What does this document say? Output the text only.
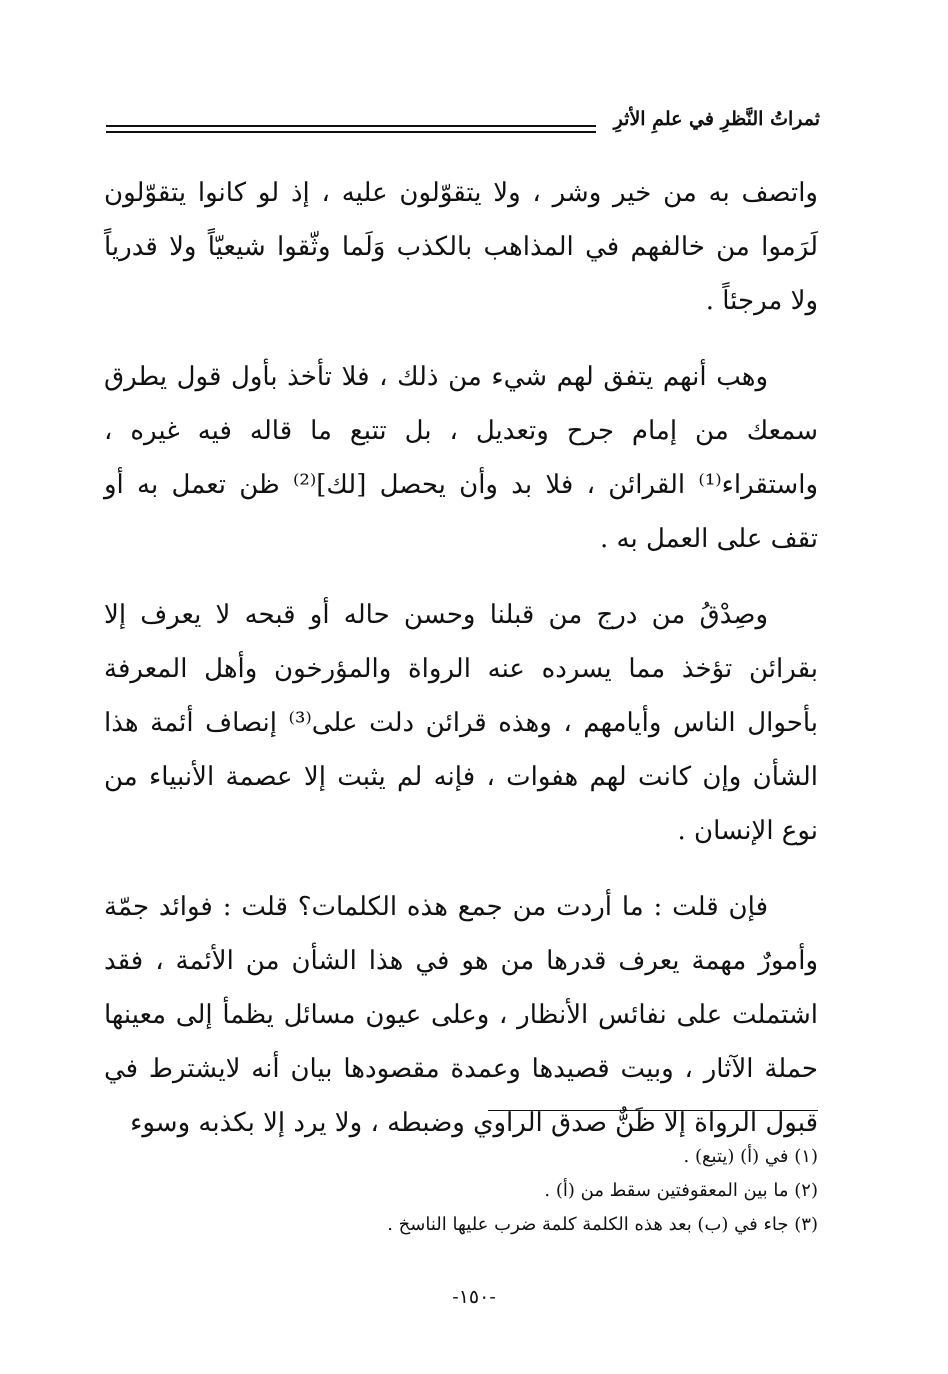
ثمراتُ النَّظرِ في علمِ الأثرِ

واتصف به من خير وشر ، ولا يتقوّلون عليه ، إذ لو كانوا يتقوّلون لَرَموا من خالفهم في المذاهب بالكذب وَلَما وثّقوا شيعيّاً ولا قدرياً ولا مرجئاً .

وهب أنهم يتفق لهم شيء من ذلك ، فلا تأخذ بأول قول يطرق سمعك من إمام جرح وتعديل ، بل تتبع ما قاله فيه غيره ، واستقراء⁽¹⁾ القرائن ، فلا بد وأن يحصل [لك]⁽²⁾ ظن تعمل به أو تقف على العمل به .

وصِدْقُ من درج من قبلنا وحسن حاله أو قبحه لا يعرف إلا بقرائن تؤخذ مما يسرده عنه الرواة والمؤرخون وأهل المعرفة بأحوال الناس وأيامهم ، وهذه قرائن دلت على⁽³⁾ إنصاف أئمة هذا الشأن وإن كانت لهم هفوات ، فإنه لم يثبت إلا عصمة الأنبياء من نوع الإنسان .

فإن قلت : ما أردت من جمع هذه الكلمات؟ قلت : فوائد جمّة وأمورٌ مهمة يعرف قدرها من هو في هذا الشأن من الأئمة ، فقد اشتملت على نفائس الأنظار ، وعلى عيون مسائل يظمأ إلى معينها حملة الآثار ، وبيت قصيدها وعمدة مقصودها بيان أنه لايشترط في قبول الرواة إلا ظَنٌّ صدق الراوي وضبطه ، ولا يرد إلا بكذبه وسوء

(١) في (أ) (يتبع) .

(٢) ما بين المعقوفتين سقط من (أ) .

(٣) جاء في (ب) بعد هذه الكلمة كلمة ضرب عليها الناسخ .

-١٥٠-
